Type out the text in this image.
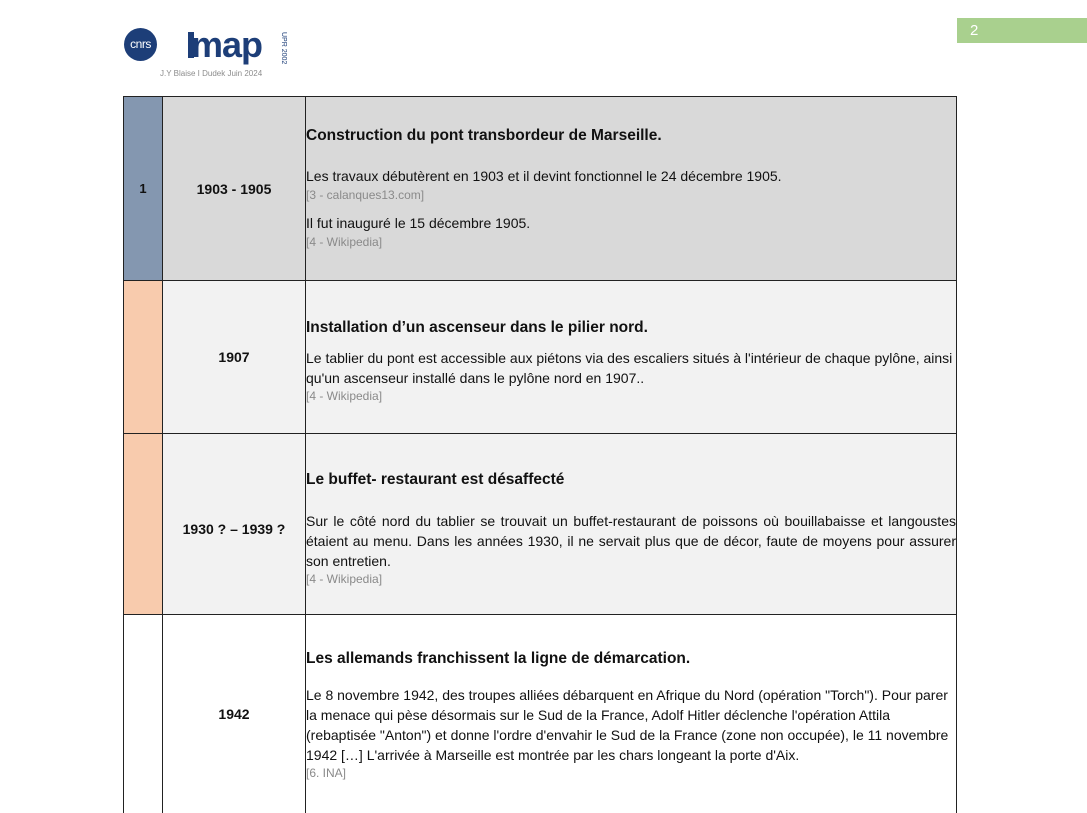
2
cnrs map	UPR 2002
J.Y Blaise I Dudek Juin 2024
1	1903 - 1905	Construction du pont transbordeur de Marseille.

Les travaux débutèrent en 1903 et il devint fonctionnel le 24 décembre 1905.

[3 - calanques13.com]

Il fut inauguré le 15 décembre 1905.

[4 - Wikipedia]

	1907	Installation d’un ascenseur dans le pilier nord.

Le tablier du pont est accessible aux piétons via des escaliers situés à l'intérieur de chaque pylône, ainsi qu'un ascenseur installé dans le pylône nord en 1907..

[4 - Wikipedia]

	1930 ? – 1939 ?	Le buffet- restaurant est désaffecté

Sur le côté nord du tablier se trouvait un buffet-restaurant de poissons où bouillabaisse et langoustes étaient au menu. Dans les années 1930, il ne servait plus que de décor, faute de moyens pour assurer son entretien.

[4 - Wikipedia]

	1942	Les allemands franchissent la ligne de démarcation.

Le 8 novembre 1942, des troupes alliées débarquent en Afrique du Nord (opération "Torch"). Pour parer la menace qui pèse désormais sur le Sud de la France, Adolf Hitler déclenche l'opération Attila (rebaptisée "Anton") et donne l'ordre d'envahir le Sud de la France (zone non occupée), le 11 novembre 1942 […] L'arrivée à Marseille est montrée par les chars longeant la porte d'Aix.

[6. INA]
